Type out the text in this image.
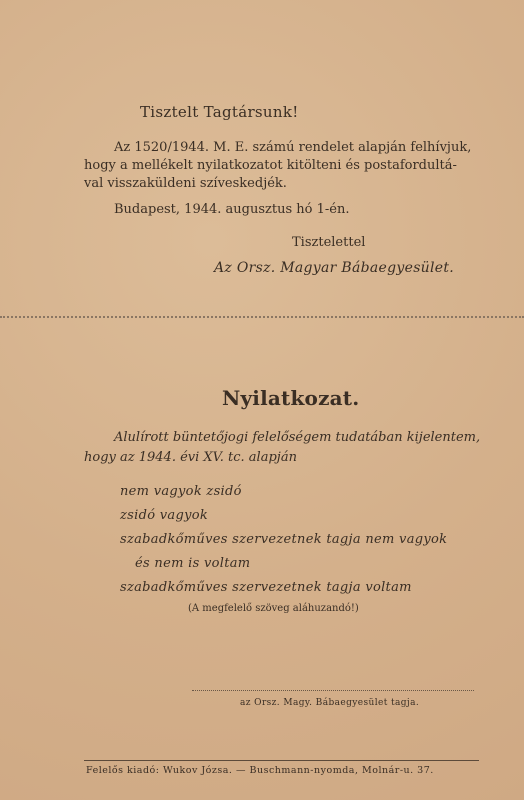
Tisztelt Tagtársunk!

Az 1520/1944. M. E. számú rendelet alapján felhívjuk,
hogy a mellékelt nyilatkozatot kitölteni és postafordultá-
val visszaküldeni szíveskedjék.

Budapest, 1944. augusztus hó 1-én.

Tisztelettel

Az Orsz. Magyar Bábaegyesület.

Nyilatkozat.

Alulírott büntetőjogi felelőségem tudatában kijelentem,
hogy az 1944. évi XV. tc. alapján

nem vagyok zsidó

zsidó vagyok

szabadkőműves szervezetnek tagja nem vagyok

és nem is voltam

szabadkőműves szervezetnek tagja voltam

(A megfelelő szöveg aláhuzandó!)

az Orsz. Magy. Bábaegyesület tagja.

Felelős kiadó: Wukov Józsa. — Buschmann-nyomda, Molnár-u. 37.
